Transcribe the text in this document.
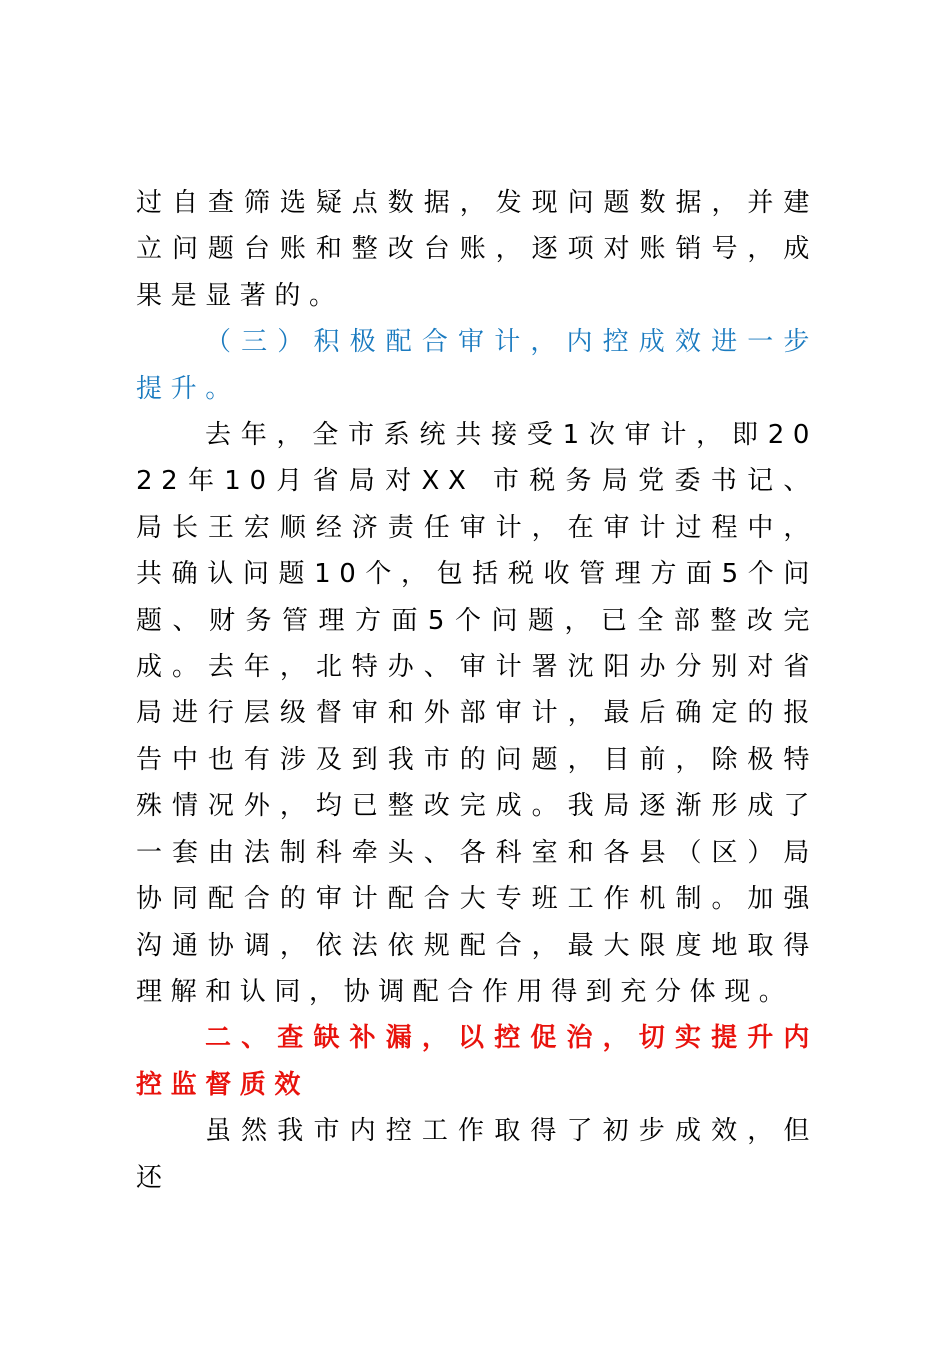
过自查筛选疑点数据，发现问题数据，并建立问题台账和整改台账，逐项对账销号，成果是显著的。

（三）积极配合审计，内控成效进一步提升。

去年，全市系统共接受1次审计，即2022年10月省局对XX 市税务局党委书记、局长王宏顺经济责任审计，在审计过程中，共确认问题10个，包括税收管理方面5个问题、财务管理方面5个问题，已全部整改完成。去年，北特办、审计署沈阳办分别对省局进行层级督审和外部审计，最后确定的报告中也有涉及到我市的问题，目前，除极特殊情况外，均已整改完成。我局逐渐形成了一套由法制科牵头、各科室和各县（区）局协同配合的审计配合大专班工作机制。加强沟通协调，依法依规配合，最大限度地取得理解和认同，协调配合作用得到充分体现。

二、查缺补漏，以控促治，切实提升内控监督质效

虽然我市内控工作取得了初步成效，但还
